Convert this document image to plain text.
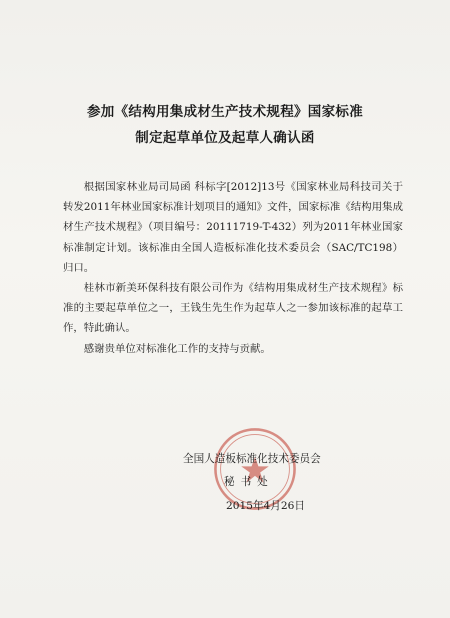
参加《结构用集成材生产技术规程》国家标准
制定起草单位及起草人确认函

根据国家林业局司局函 科标字[2012]13号《国家林业局科技司关于转发2011年林业国家标准计划项目的通知》文件，国家标准《结构用集成材生产技术规程》（项目编号：20111719-T-432）列为2011年林业国家标准制定计划。该标准由全国人造板标准化技术委员会（SAC/TC198）归口。

桂林市新美环保科技有限公司作为《结构用集成材生产技术规程》标准的主要起草单位之一，王钱生先生作为起草人之一参加该标准的起草工作，特此确认。

感谢贵单位对标准化工作的支持与贡献。

全国人造板标准化技术委员会
秘书处
2015年4月26日
